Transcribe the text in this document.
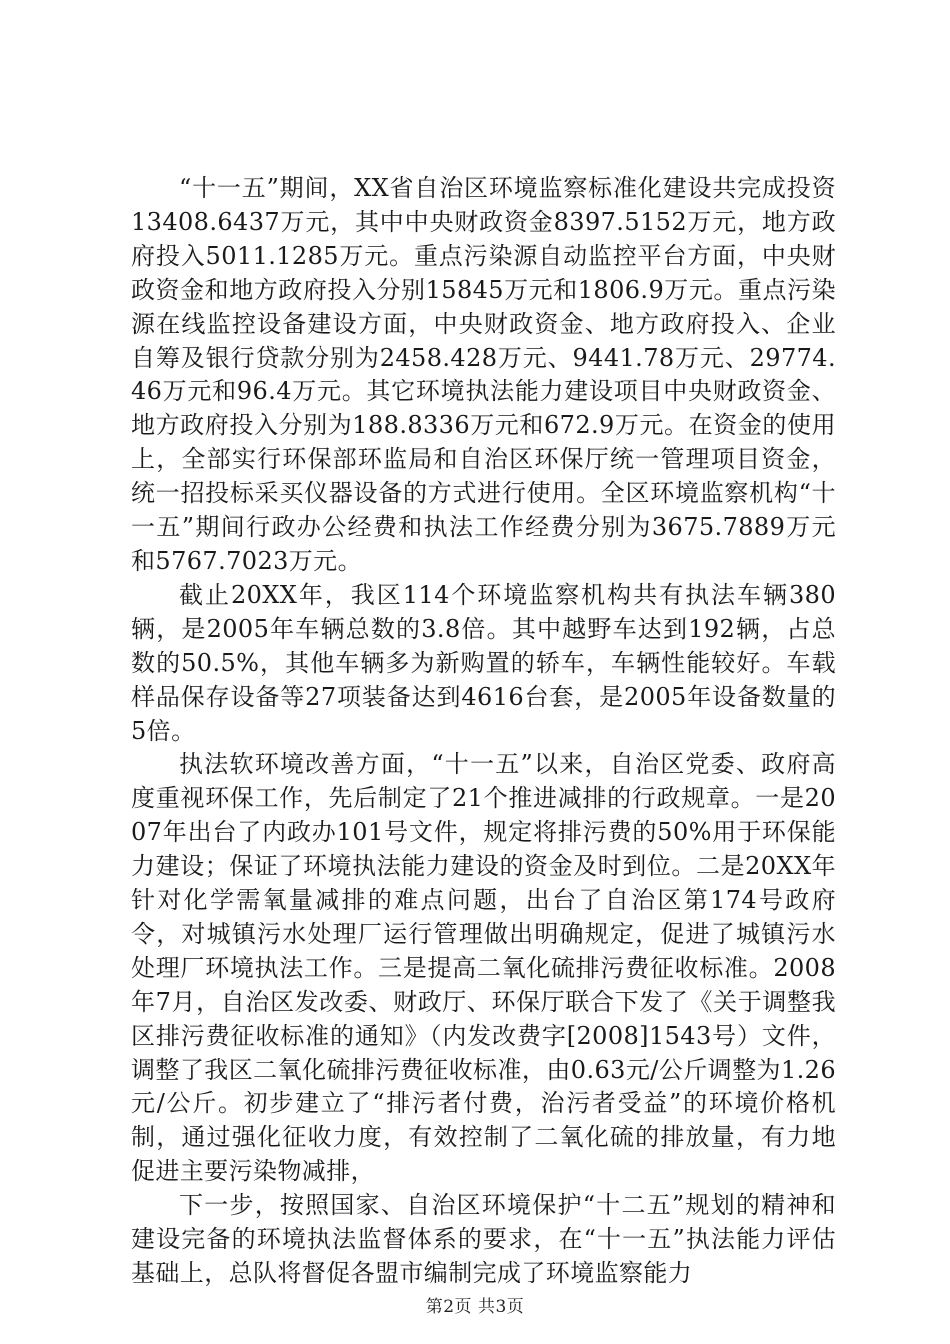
“十一五”期间，XX省自治区环境监察标准化建设共完成投资13408.6437万元，其中中央财政资金8397.5152万元，地方政府投入5011.1285万元。重点污染源自动监控平台方面，中央财政资金和地方政府投入分别15845万元和1806.9万元。重点污染源在线监控设备建设方面，中央财政资金、地方政府投入、企业自筹及银行贷款分别为2458.428万元、9441.78万元、29774.46万元和96.4万元。其它环境执法能力建设项目中央财政资金、地方政府投入分别为188.8336万元和672.9万元。在资金的使用上，全部实行环保部环监局和自治区环保厅统一管理项目资金，统一招投标采买仪器设备的方式进行使用。全区环境监察机构“十一五”期间行政办公经费和执法工作经费分别为3675.7889万元和5767.7023万元。

截止20XX年，我区114个环境监察机构共有执法车辆380辆，是2005年车辆总数的3.8倍。其中越野车达到192辆，占总数的50.5%，其他车辆多为新购置的轿车，车辆性能较好。车载样品保存设备等27项装备达到4616台套，是2005年设备数量的5倍。

执法软环境改善方面，“十一五”以来，自治区党委、政府高度重视环保工作，先后制定了21个推进减排的行政规章。一是2007年出台了内政办101号文件，规定将排污费的50%用于环保能力建设；保证了环境执法能力建设的资金及时到位。二是20XX年针对化学需氧量减排的难点问题，出台了自治区第174号政府令，对城镇污水处理厂运行管理做出明确规定，促进了城镇污水处理厂环境执法工作。三是提高二氧化硫排污费征收标准。2008年7月，自治区发改委、财政厅、环保厅联合下发了《关于调整我区排污费征收标准的通知》（内发改费字[2008]1543号）文件，调整了我区二氧化硫排污费征收标准，由0.63元/公斤调整为1.26元/公斤。初步建立了“排污者付费，治污者受益”的环境价格机制，通过强化征收力度，有效控制了二氧化硫的排放量，有力地促进主要污染物减排，

下一步，按照国家、自治区环境保护“十二五”规划的精神和建设完备的环境执法监督体系的要求，在“十一五”执法能力评估基础上，总队将督促各盟市编制完成了环境监察能力

第2页 共3页
